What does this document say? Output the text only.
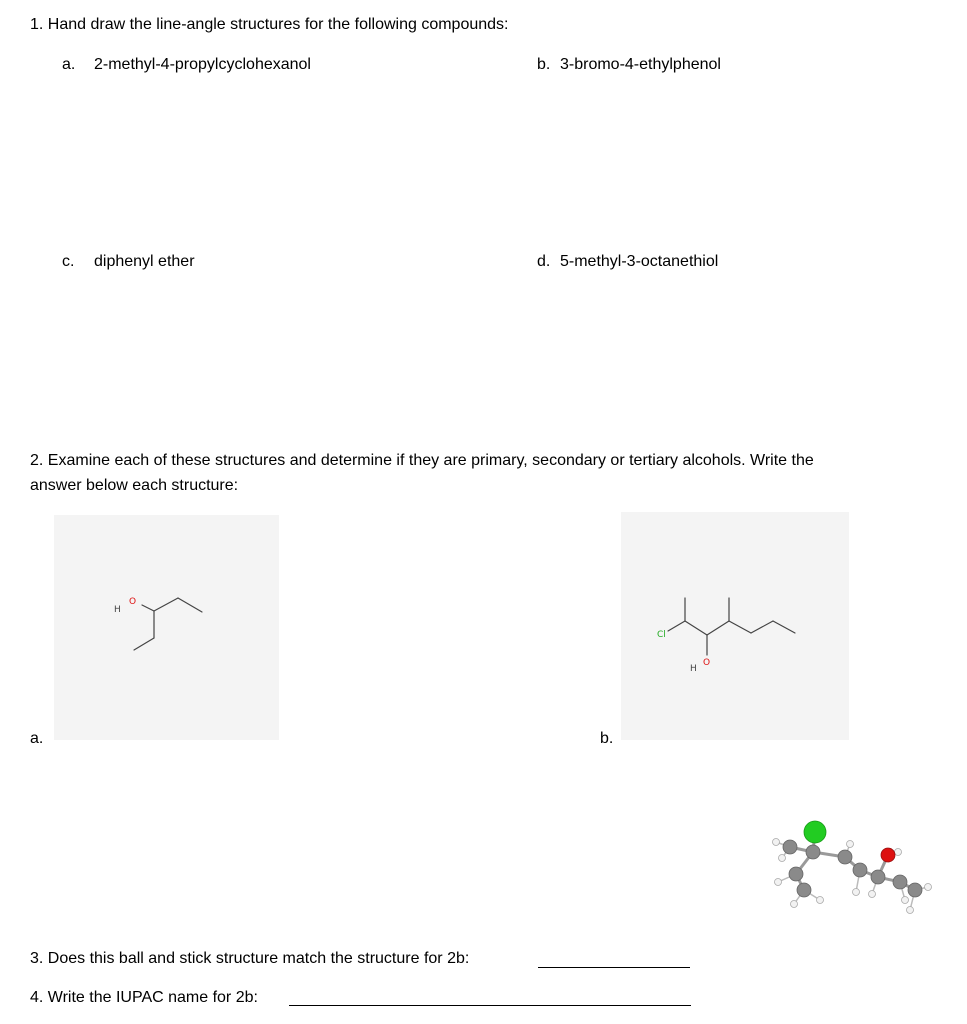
1. Hand draw the line-angle structures for the following compounds:
a. 2-methyl-4-propylcyclohexanol	b. 3-bromo-4-ethylphenol
c. diphenyl ether	d. 5-methyl-3-octanethiol
2. Examine each of these structures and determine if they are primary, secondary or tertiary alcohols. Write the
answer below each structure:
H
O
a.
Cl
H
O
b.
3. Does this ball and stick structure match the structure for 2b:
4. Write the IUPAC name for 2b:
